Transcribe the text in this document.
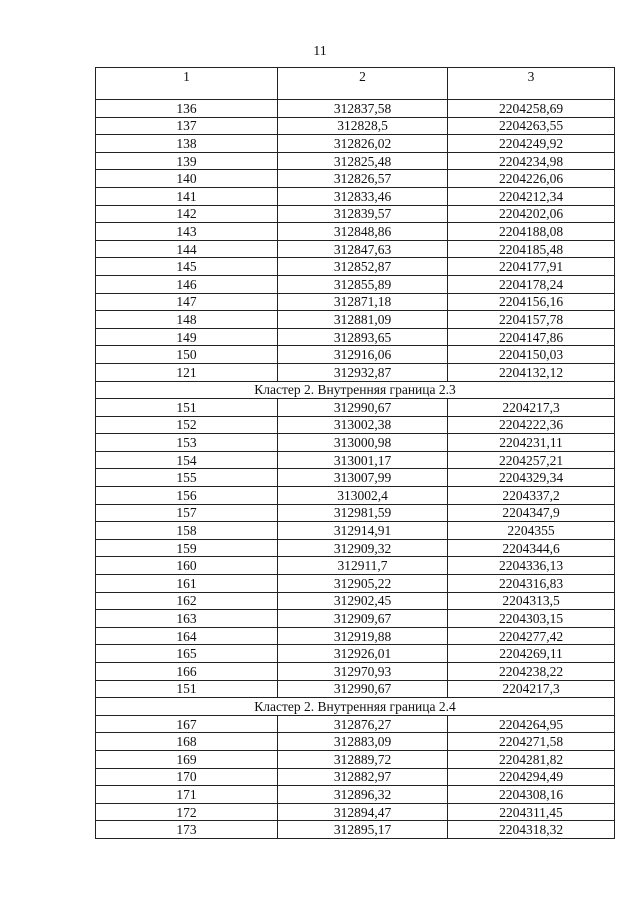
11
1	2	3
136	312837,58	2204258,69
137	312828,5	2204263,55
138	312826,02	2204249,92
139	312825,48	2204234,98
140	312826,57	2204226,06
141	312833,46	2204212,34
142	312839,57	2204202,06
143	312848,86	2204188,08
144	312847,63	2204185,48
145	312852,87	2204177,91
146	312855,89	2204178,24
147	312871,18	2204156,16
148	312881,09	2204157,78
149	312893,65	2204147,86
150	312916,06	2204150,03
121	312932,87	2204132,12
Кластер 2. Внутренняя граница 2.3		
151	312990,67	2204217,3
152	313002,38	2204222,36
153	313000,98	2204231,11
154	313001,17	2204257,21
155	313007,99	2204329,34
156	313002,4	2204337,2
157	312981,59	2204347,9
158	312914,91	2204355
159	312909,32	2204344,6
160	312911,7	2204336,13
161	312905,22	2204316,83
162	312902,45	2204313,5
163	312909,67	2204303,15
164	312919,88	2204277,42
165	312926,01	2204269,11
166	312970,93	2204238,22
151	312990,67	2204217,3
Кластер 2. Внутренняя граница 2.4		
167	312876,27	2204264,95
168	312883,09	2204271,58
169	312889,72	2204281,82
170	312882,97	2204294,49
171	312896,32	2204308,16
172	312894,47	2204311,45
173	312895,17	2204318,32
